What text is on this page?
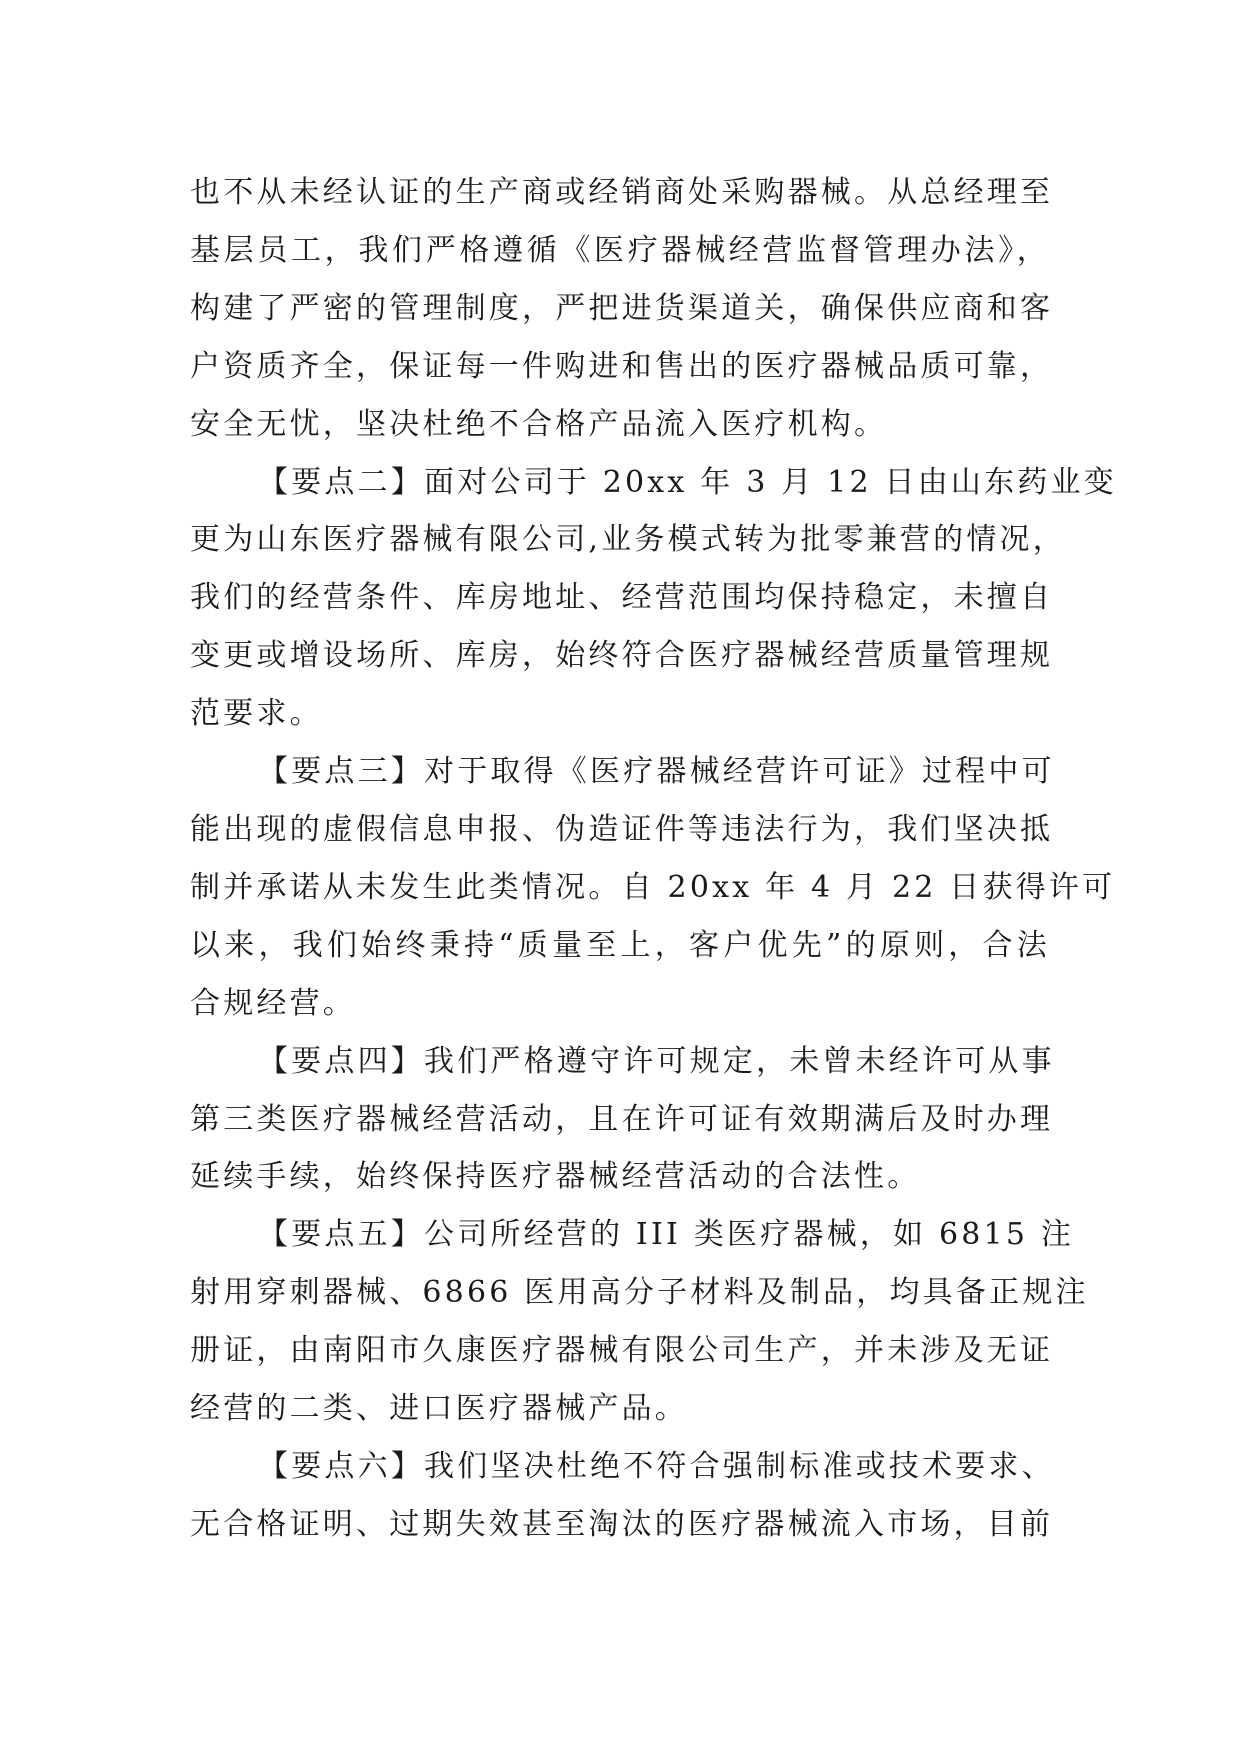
也不从未经认证的生产商或经销商处采购器械。从总经理至
基层员工，我们严格遵循《医疗器械经营监督管理办法》，
构建了严密的管理制度，严把进货渠道关，确保供应商和客
户资质齐全，保证每一件购进和售出的医疗器械品质可靠，
安全无忧，坚决杜绝不合格产品流入医疗机构。

【要点二】面对公司于 20xx 年 3 月 12 日由山东药业变
更为山东医疗器械有限公司,业务模式转为批零兼营的情况，
我们的经营条件、库房地址、经营范围均保持稳定，未擅自
变更或增设场所、库房，始终符合医疗器械经营质量管理规
范要求。

【要点三】对于取得《医疗器械经营许可证》过程中可
能出现的虚假信息申报、伪造证件等违法行为，我们坚决抵
制并承诺从未发生此类情况。自 20xx 年 4 月 22 日获得许可
以来，我们始终秉持“质量至上，客户优先”的原则，合法
合规经营。

【要点四】我们严格遵守许可规定，未曾未经许可从事
第三类医疗器械经营活动，且在许可证有效期满后及时办理
延续手续，始终保持医疗器械经营活动的合法性。

【要点五】公司所经营的 III 类医疗器械，如 6815 注
射用穿刺器械、6866 医用高分子材料及制品，均具备正规注
册证，由南阳市久康医疗器械有限公司生产，并未涉及无证
经营的二类、进口医疗器械产品。

【要点六】我们坚决杜绝不符合强制标准或技术要求、
无合格证明、过期失效甚至淘汰的医疗器械流入市场，目前
